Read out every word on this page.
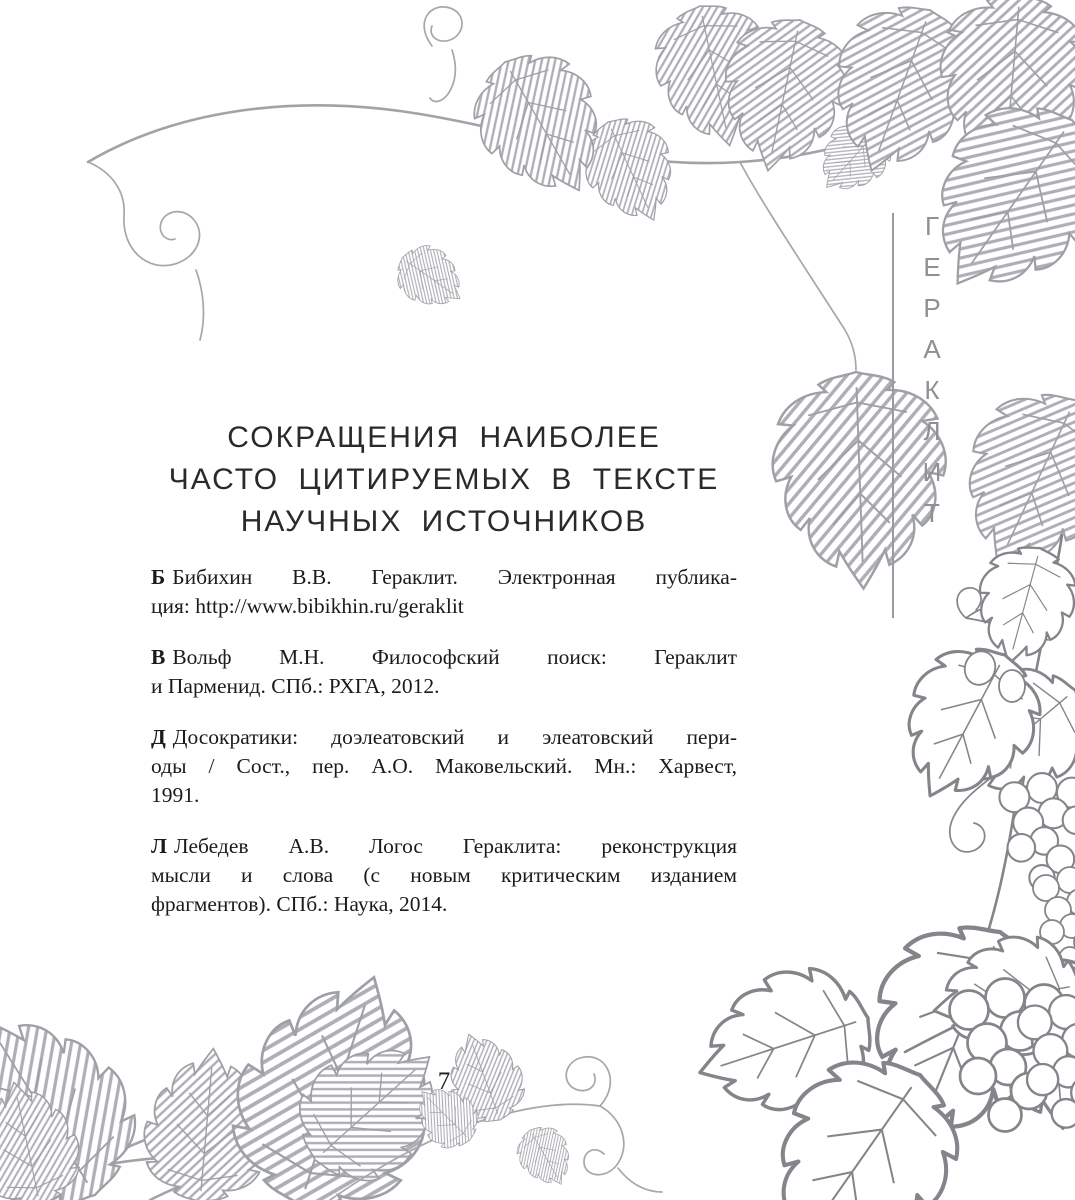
ГЕРАКЛИТ
СОКРАЩЕНИЯ НАИБОЛЕЕ
ЧАСТО ЦИТИРУЕМЫХ В ТЕКСТЕ
НАУЧНЫХ ИСТОЧНИКОВ

Б Бибихин В.В. Гераклит. Электронная публика-
ция: http://www.bibikhin.ru/geraklit

В Вольф М.Н. Философский поиск: Гераклит
и Парменид. СПб.: РХГА, 2012.

Д Досократики: доэлеатовский и элеатовский пери-
оды / Сост., пер. А.О. Маковельский. Мн.: Харвест,
1991.

Л Лебедев А.В. Логос Гераклита: реконструкция
мысли и слова (с новым критическим изданием
фрагментов). СПб.: Наука, 2014.

7
